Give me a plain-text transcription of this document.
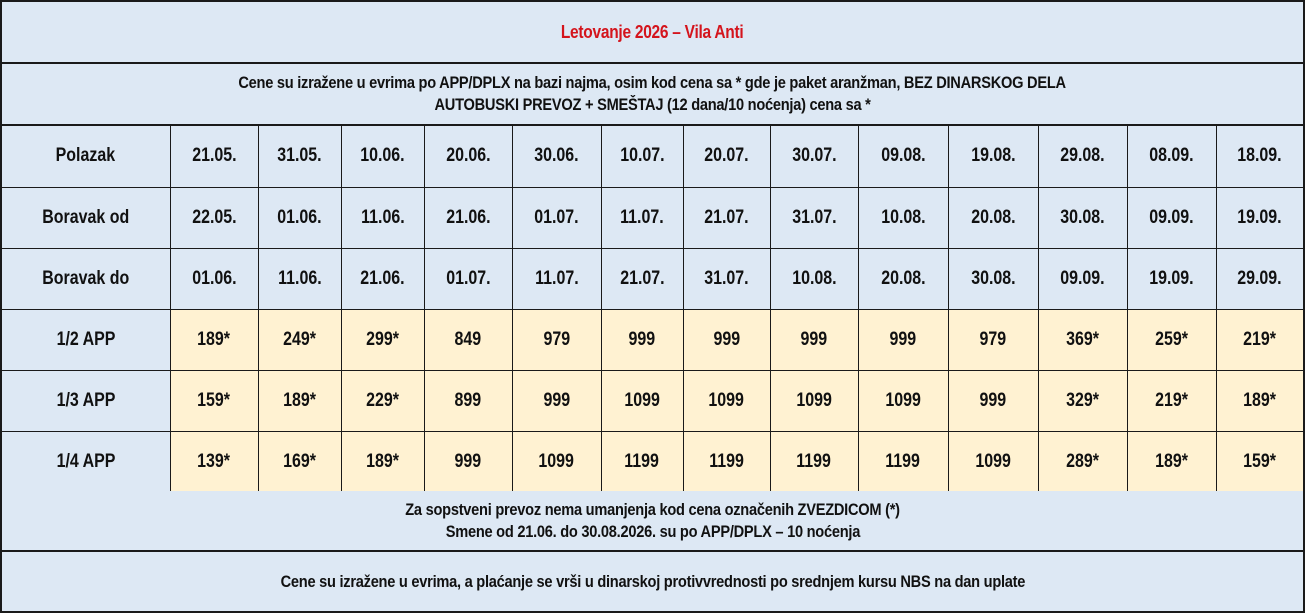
Letovanje 2026 – Vila Anti
Cene su izražene u evrima po APP/DPLX na bazi najma, osim kod cena sa * gde je paket aranžman, BEZ DINARSKOG DELA
AUTOBUSKI PREVOZ + SMEŠTAJ (12 dana/10 noćenja) cena sa *
Polazak	21.05.	31.05.	10.06.	20.06.	30.06.	10.07.	20.07.	30.07.	09.08.	19.08.	29.08.	08.09.	18.09.
Boravak od	22.05.	01.06.	11.06.	21.06.	01.07.	11.07.	21.07.	31.07.	10.08.	20.08.	30.08.	09.09.	19.09.
Boravak do	01.06.	11.06.	21.06.	01.07.	11.07.	21.07.	31.07.	10.08.	20.08.	30.08.	09.09.	19.09.	29.09.
1/2 APP	189*	249*	299*	849	979	999	999	999	999	979	369*	259*	219*
1/3 APP	159*	189*	229*	899	999	1099	1099	1099	1099	999	329*	219*	189*
1/4 APP	139*	169*	189*	999	1099	1199	1199	1199	1199	1099	289*	189*	159*
Za sopstveni prevoz nema umanjenja kod cena označenih ZVEZDICOM (*)
Smene od 21.06. do 30.08.2026. su po APP/DPLX – 10 noćenja
Cene su izražene u evrima, a plaćanje se vrši u dinarskoj protivvrednosti po srednjem kursu NBS na dan uplate
